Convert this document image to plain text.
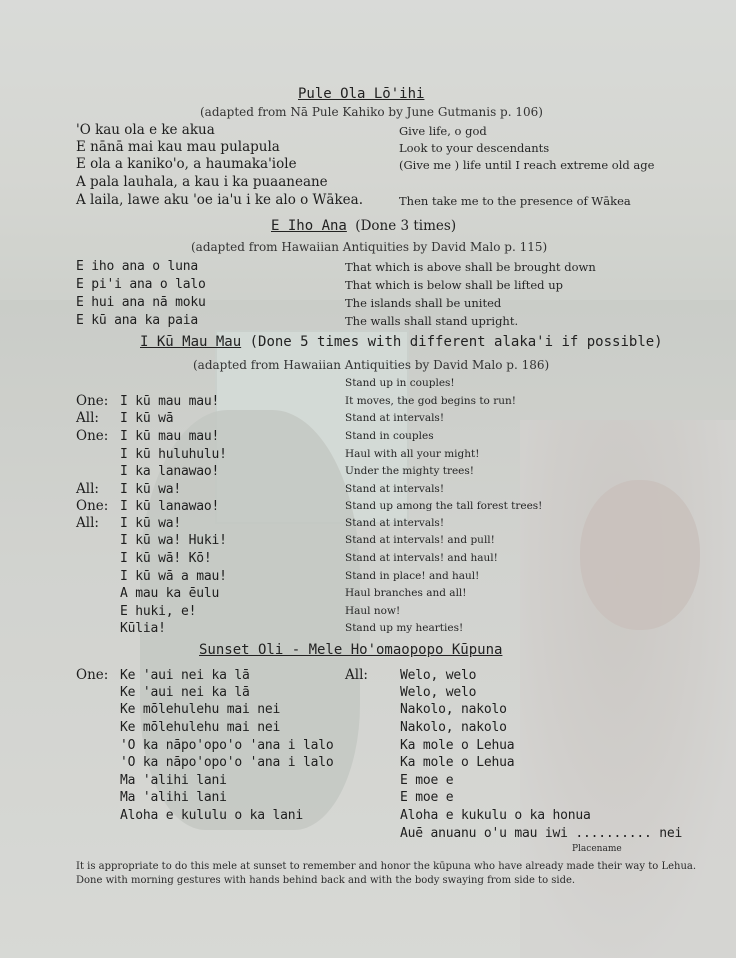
Pule Ola Lō'ihi
(adapted from Nā Pule Kahiko by June Gutmanis p. 106)
'O kau ola e ke akua
E nānā mai kau mau pulapula
E ola a kaniko'o, a haumaka'iole
A pala lauhala, a kau i ka puaaneane
A laila, lawe aku 'oe ia'u i ke alo o Wākea.
Give life, o god
Look to your descendants
(Give me ) life until I reach extreme old age
Then take me to the presence of Wākea
E Iho Ana (Done 3 times)
(adapted from Hawaiian Antiquities by David Malo p. 115)
E iho ana o luna
E pi'i ana o lalo
E hui ana nā moku
E kū ana ka paia
That which is above shall be brought down
That which is below shall be lifted up
The islands shall be united
The walls shall stand upright.
I Kū Mau Mau (Done 5 times with different alaka'i if possible)
(adapted from Hawaiian Antiquities by David Malo p. 186)
One:
All:
One:
All:
One:
All:
I kū mau mau!
I kū wā
I kū mau mau!
I kū huluhulu!
I ka lanawao!
I kū wa!
I kū lanawao!
I kū wa!
I kū wa! Huki!
I kū wā! Kō!
I kū wā a mau!
A mau ka ēulu
E huki, e!
Kūlia!
Stand up in couples!
It moves, the god begins to run!
Stand at intervals!
Stand in couples
Haul with all your might!
Under the mighty trees!
Stand at intervals!
Stand up among the tall forest trees!
Stand at intervals!
Stand at intervals! and pull!
Stand at intervals! and haul!
Stand in place! and haul!
Haul branches and all!
Haul now!
Stand up my hearties!
Sunset Oli - Mele Ho'omaopopo Kūpuna
One:	All:
Ke 'aui nei ka lā
Ke 'aui nei ka lā
Ke mōlehulehu mai nei
Ke mōlehulehu mai nei
'O ka nāpo'opo'o 'ana i lalo
'O ka nāpo'opo'o 'ana i lalo
Ma 'alihi lani
Ma 'alihi lani
Aloha e kululu o ka lani
Welo, welo
Welo, welo
Nakolo, nakolo
Nakolo, nakolo
Ka mole o Lehua
Ka mole o Lehua
E moe e
E moe e
Aloha e kukulu o ka honua
Auē anuanu o'u mau iwi .......... nei
Placename
It is appropriate to do this mele at sunset to remember and honor the kūpuna who have already made their way to Lehua. Done with morning gestures with hands behind back and with the body swaying from side to side.
